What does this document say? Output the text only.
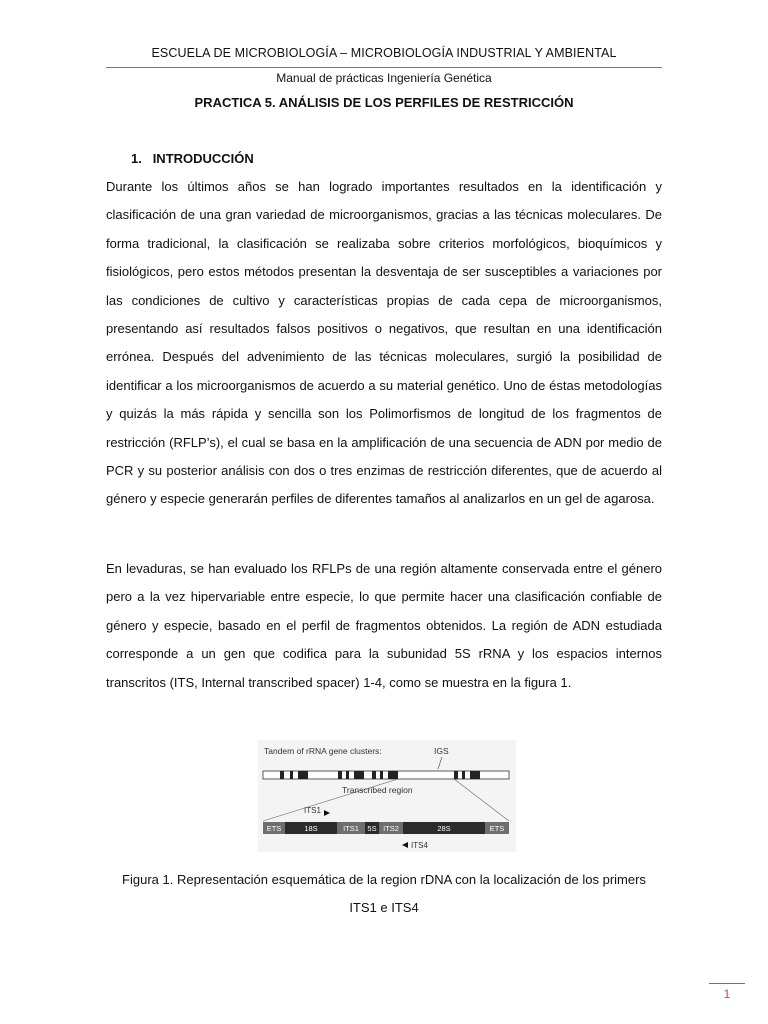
ESCUELA DE MICROBIOLOGÍA – MICROBIOLOGÍA INDUSTRIAL Y AMBIENTAL
Manual de prácticas Ingeniería Genética
PRACTICA 5. ANÁLISIS DE LOS PERFILES DE RESTRICCIÓN
1. INTRODUCCIÓN

Durante los últimos años se han logrado importantes resultados en la identificación y clasificación de una gran variedad de microorganismos, gracias a las técnicas moleculares. De forma tradicional, la clasificación se realizaba sobre criterios morfológicos, bioquímicos y fisiológicos, pero estos métodos presentan la desventaja de ser susceptibles a variaciones por las condiciones de cultivo y características propias de cada cepa de microorganismos, presentando así resultados falsos positivos o negativos, que resultan en una identificación errónea. Después del advenimiento de las técnicas moleculares, surgió la posibilidad de identificar a los microorganismos de acuerdo a su material genético. Uno de éstas metodologías y quizás la más rápida y sencilla son los Polimorfismos de longitud de los fragmentos de restricción (RFLP’s), el cual se basa en la amplificación de una secuencia de ADN por medio de PCR y su posterior análisis con dos o tres enzimas de restricción diferentes, que de acuerdo al género y especie generarán perfiles de diferentes tamaños al analizarlos en un gel de agarosa.

En levaduras, se han evaluado los RFLPs de una región altamente conservada entre el género pero a la vez hipervariable entre especie, lo que permite hacer una clasificación confiable de género y especie, basado en el perfil de fragmentos obtenidos. La región de ADN estudiada corresponde a un gen que codifica para la subunidad 5S rRNA y los espacios internos transcritos (ITS, Internal transcribed spacer) 1-4, como se muestra en la figura 1.

Tandem of rRNA gene clusters:	IGS
Transcribed region
ITS1
ETS	18S	ITS1 5S ITS2	28S	ETS
ITS4

Figura 1. Representación esquemática de la region rDNA con la localización de los primers
ITS1 e ITS4

1
